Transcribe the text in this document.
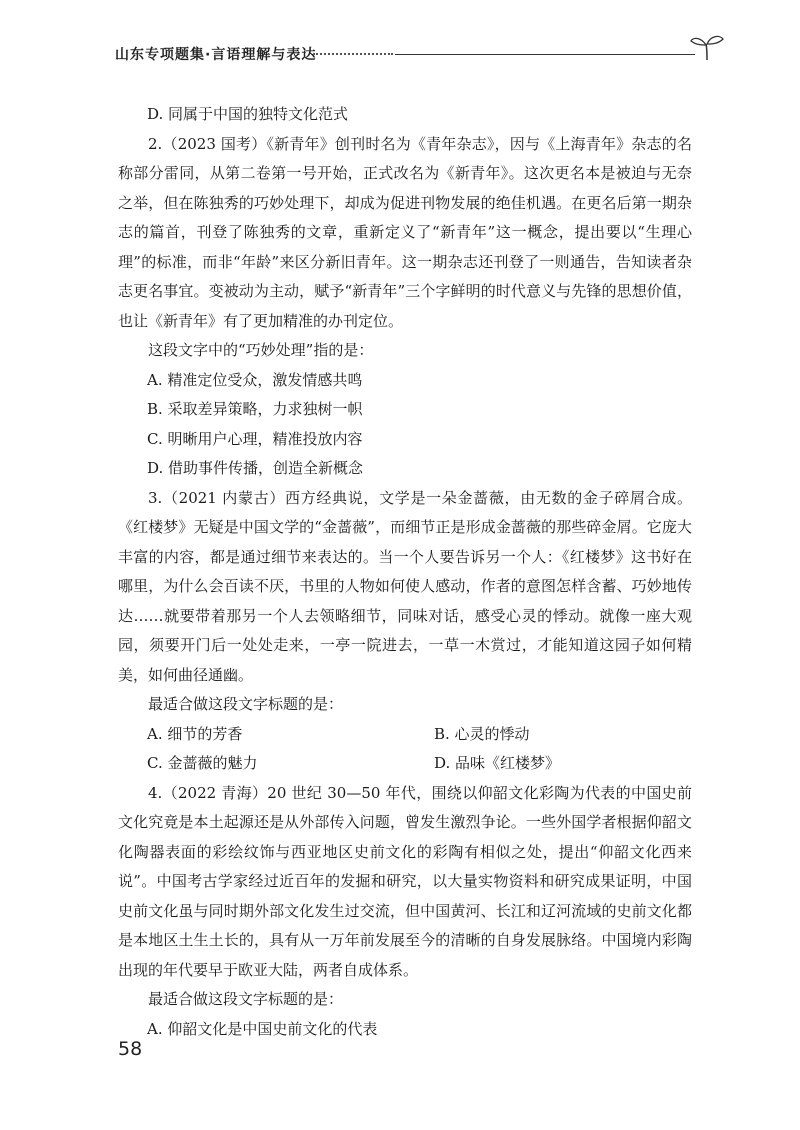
山东专项题集·言语理解与表达

D. 同属于中国的独特文化范式

2.（2023 国考）《新青年》创刊时名为《青年杂志》，因与《上海青年》杂志的名称部分雷同，从第二卷第一号开始，正式改名为《新青年》。这次更名本是被迫与无奈之举，但在陈独秀的巧妙处理下，却成为促进刊物发展的绝佳机遇。在更名后第一期杂志的篇首，刊登了陈独秀的文章，重新定义了“新青年”这一概念，提出要以“生理心理”的标准，而非“年龄”来区分新旧青年。这一期杂志还刊登了一则通告，告知读者杂志更名事宜。变被动为主动，赋予“新青年”三个字鲜明的时代意义与先锋的思想价值，也让《新青年》有了更加精准的办刊定位。

这段文字中的“巧妙处理”指的是：

A. 精准定位受众，激发情感共鸣

B. 采取差异策略，力求独树一帜

C. 明晰用户心理，精准投放内容

D. 借助事件传播，创造全新概念

3.（2021 内蒙古）西方经典说，文学是一朵金蔷薇，由无数的金子碎屑合成。《红楼梦》无疑是中国文学的“金蔷薇”，而细节正是形成金蔷薇的那些碎金屑。它庞大丰富的内容，都是通过细节来表达的。当一个人要告诉另一个人：《红楼梦》这书好在哪里，为什么会百读不厌，书里的人物如何使人感动，作者的意图怎样含蓄、巧妙地传达……就要带着那另一个人去领略细节，同味对话，感受心灵的悸动。就像一座大观园，须要开门后一处处走来，一亭一院进去，一草一木赏过，才能知道这园子如何精美，如何曲径通幽。

最适合做这段文字标题的是：

A. 细节的芳香	B. 心灵的悸动

C. 金蔷薇的魅力	D. 品味《红楼梦》

4.（2022 青海）20 世纪 30—50 年代，围绕以仰韶文化彩陶为代表的中国史前文化究竟是本土起源还是从外部传入问题，曾发生激烈争论。一些外国学者根据仰韶文化陶器表面的彩绘纹饰与西亚地区史前文化的彩陶有相似之处，提出“仰韶文化西来说”。中国考古学家经过近百年的发掘和研究，以大量实物资料和研究成果证明，中国史前文化虽与同时期外部文化发生过交流，但中国黄河、长江和辽河流域的史前文化都是本地区土生土长的，具有从一万年前发展至今的清晰的自身发展脉络。中国境内彩陶出现的年代要早于欧亚大陆，两者自成体系。

最适合做这段文字标题的是：

A. 仰韶文化是中国史前文化的代表

58
